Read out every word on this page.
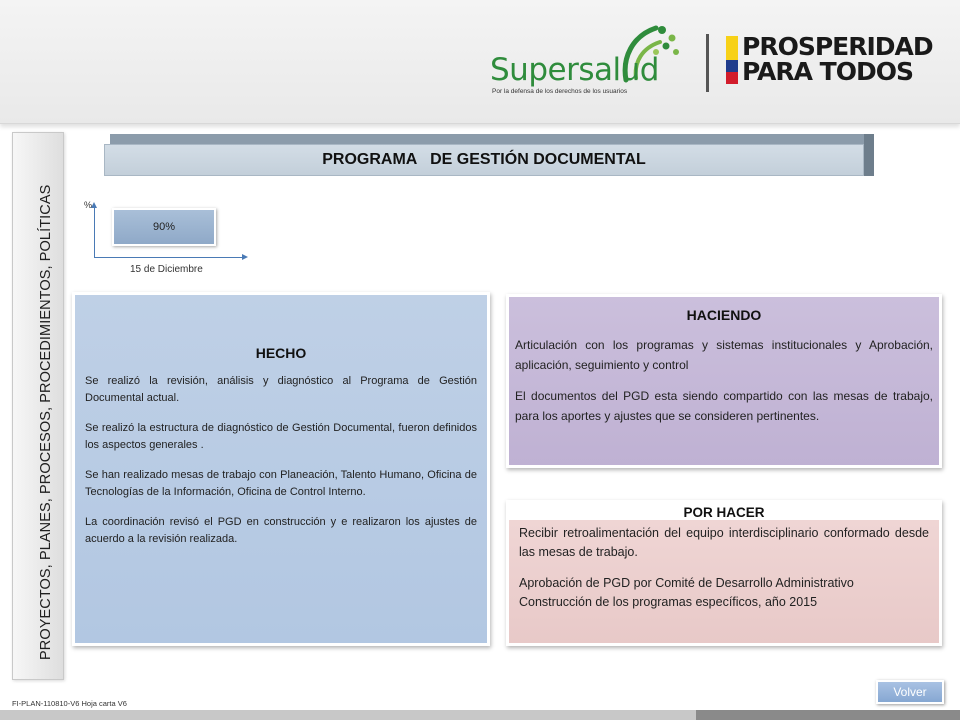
Supersalud
Por la defensa de los derechos de los usuarios
PROSPERIDAD
PARA TODOS
PROYECTOS, PLANES, PROCESOS, PROCEDIMIENTOS, POLÍTICAS
PROGRAMA   DE GESTIÓN DOCUMENTAL
%
90%
15 de Diciembre
HECHO

Se realizó la revisión, análisis y diagnóstico al Programa de Gestión Documental actual.

Se realizó la estructura de diagnóstico de Gestión Documental, fueron definidos los aspectos generales .

Se han realizado mesas de trabajo con Planeación, Talento Humano, Oficina de Tecnologías de la Información, Oficina de Control Interno.

La coordinación revisó el PGD en construcción y e realizaron los ajustes de acuerdo a la revisión realizada.

HACIENDO

Articulación con los programas y sistemas institucionales y Aprobación, aplicación, seguimiento y control

El documentos del PGD esta siendo compartido con las mesas de trabajo, para los aportes y ajustes que se consideren pertinentes.

POR HACER

Recibir retroalimentación del equipo interdisciplinario conformado desde las mesas de trabajo.

Aprobación de PGD por Comité de Desarrollo Administrativo

Construcción de los programas específicos, año 2015

FI-PLAN-110810-V6 Hoja carta V6
Volver
